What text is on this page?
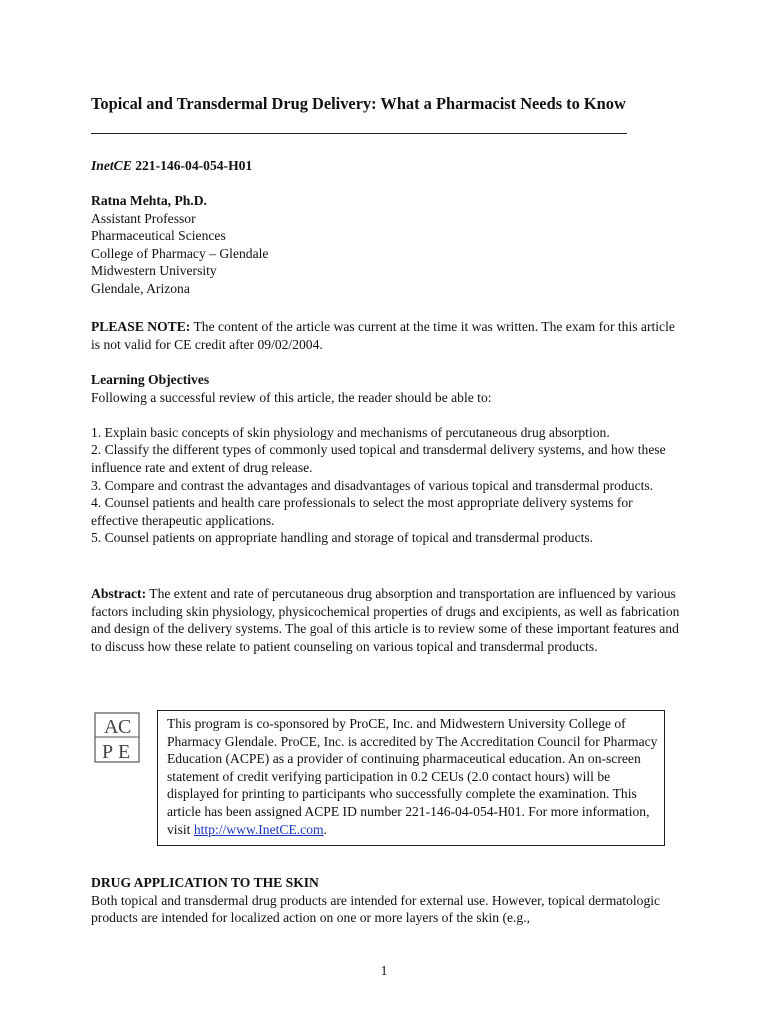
Topical and Transdermal Drug Delivery: What a Pharmacist Needs to Know
InetCE 221-146-04-054-H01
Ratna Mehta, Ph.D.
Assistant Professor
Pharmaceutical Sciences
College of Pharmacy – Glendale
Midwestern University
Glendale, Arizona

PLEASE NOTE: The content of the article was current at the time it was written. The exam for this article is not valid for CE credit after 09/02/2004.

Learning Objectives
Following a successful review of this article, the reader should be able to:
1. Explain basic concepts of skin physiology and mechanisms of percutaneous drug absorption.
2. Classify the different types of commonly used topical and transdermal delivery systems, and how these influence rate and extent of drug release.
3. Compare and contrast the advantages and disadvantages of various topical and transdermal products.
4. Counsel patients and health care professionals to select the most appropriate delivery systems for effective therapeutic applications.
5. Counsel patients on appropriate handling and storage of topical and transdermal products.

Abstract: The extent and rate of percutaneous drug absorption and transportation are influenced by various factors including skin physiology, physicochemical properties of drugs and excipients, as well as fabrication and design of the delivery systems. The goal of this article is to review some of these important features and to discuss how these relate to patient counseling on various topical and transdermal products.

A C
P E
This program is co-sponsored by ProCE, Inc. and Midwestern University College of Pharmacy Glendale. ProCE, Inc. is accredited by The Accreditation Council for Pharmacy Education (ACPE) as a provider of continuing pharmaceutical education. An on-screen statement of credit verifying participation in 0.2 CEUs (2.0 contact hours) will be displayed for printing to participants who successfully complete the examination. This article has been assigned ACPE ID number 221-146-04-054-H01. For more information, visit http://www.InetCE.com.
DRUG APPLICATION TO THE SKIN
Both topical and transdermal drug products are intended for external use. However, topical dermatologic products are intended for localized action on one or more layers of the skin (e.g.,
1
